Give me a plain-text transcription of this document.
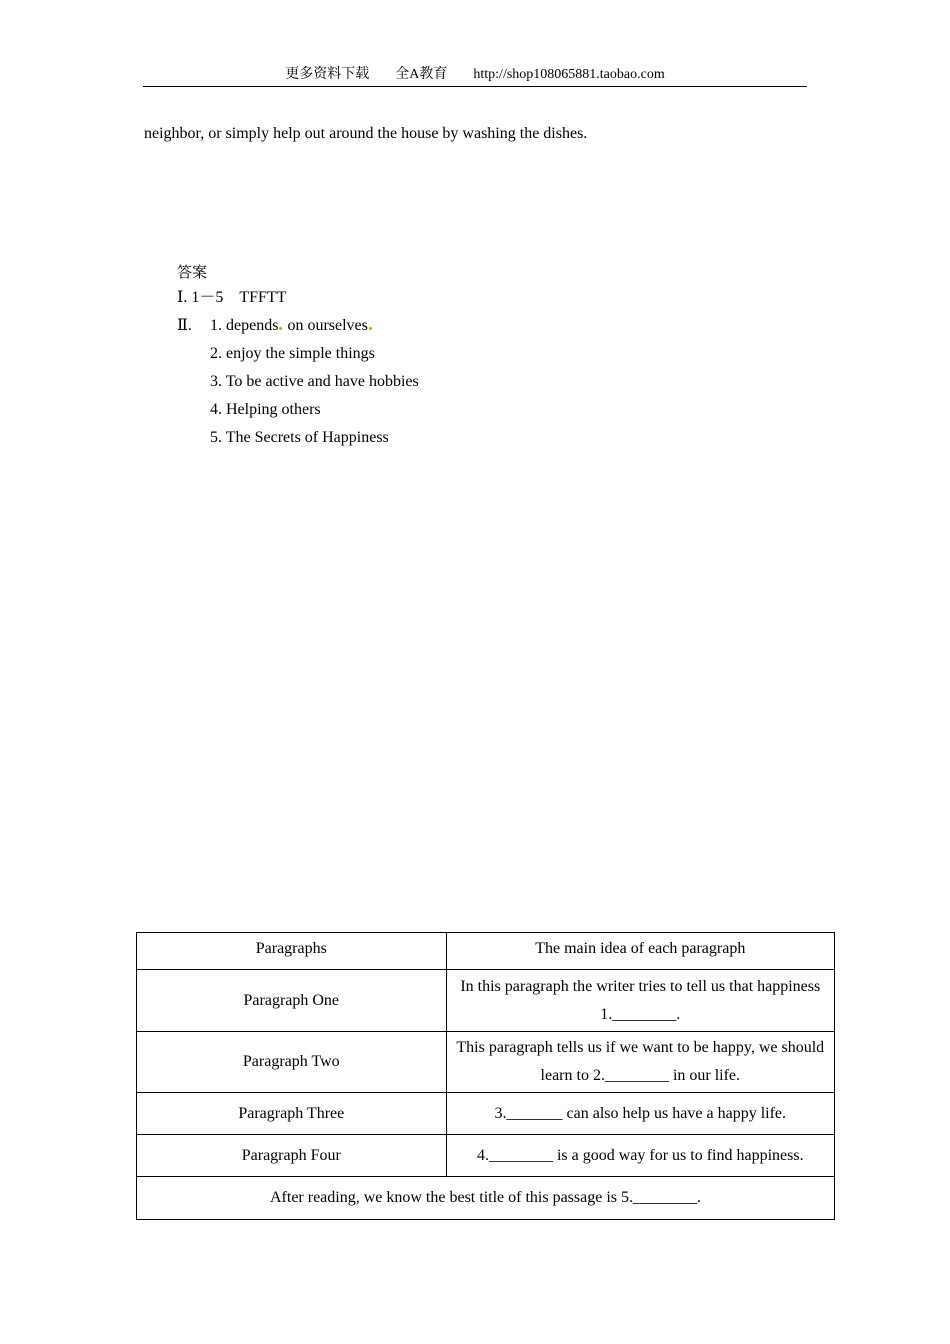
更多资料下载 全A教育 http://shop108065881.taobao.com
neighbor, or simply help out around the house by washing the dishes.
答案
Ⅰ. 1－5 TFFTT
Ⅱ. 1. depends on ourselves
2. enjoy the simple things
3. To be active and have hobbies
4. Helping others
5. The Secrets of Happiness
Paragraphs	The main idea of each paragraph
Paragraph One	In this paragraph the writer tries to tell us that happiness 1.________.
Paragraph Two	This paragraph tells us if we want to be happy, we should learn to 2.________ in our life.
Paragraph Three	3._______ can also help us have a happy life.
Paragraph Four	4.________ is a good way for us to find happiness.
After reading, we know the best title of this passage is 5.________.	
